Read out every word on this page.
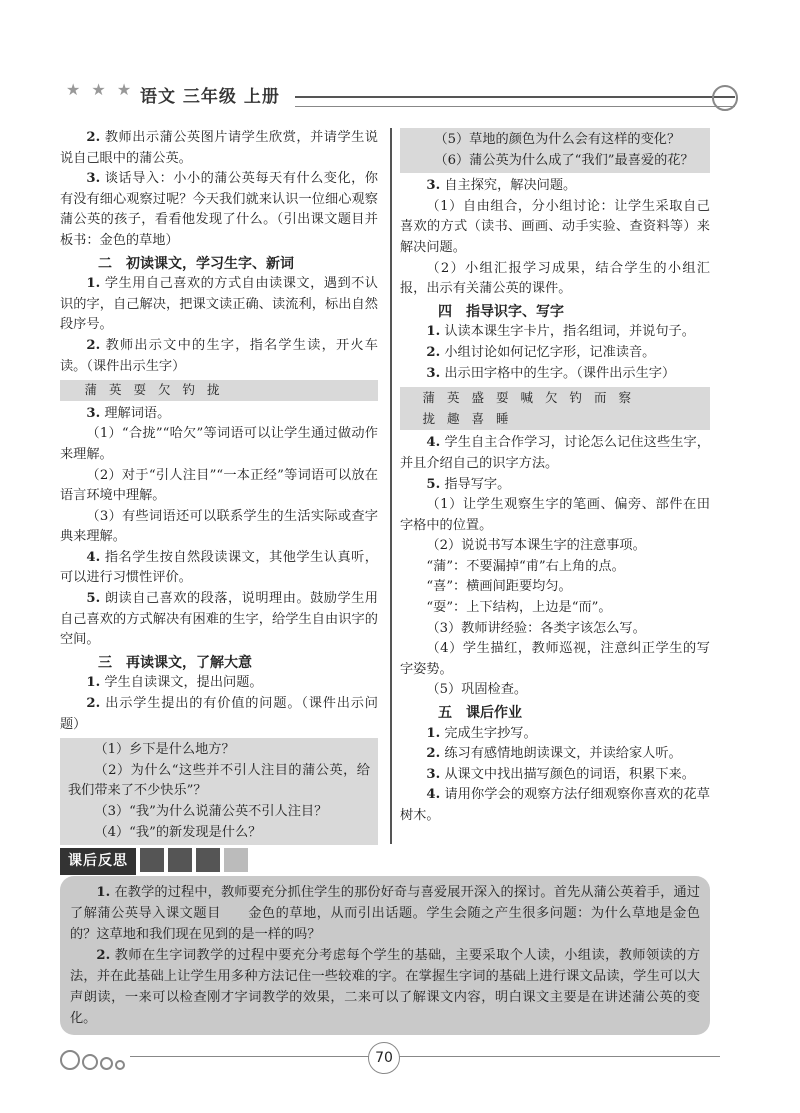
★ ★ ★ ·
语文 三年级 上册

2. 教师出示蒲公英图片请学生欣赏，并请学生说说自己眼中的蒲公英。

3. 谈话导入：小小的蒲公英每天有什么变化，你有没有细心观察过呢？今天我们就来认识一位细心观察蒲公英的孩子，看看他发现了什么。（引出课文题目并板书：金色的草地）

二　初读课文，学习生字、新词

1. 学生用自己喜欢的方式自由读课文，遇到不认识的字，自己解决，把课文读正确、读流利，标出自然段序号。

2. 教师出示文中的生字，指名学生读，开火车读。（课件出示生字）

蒲英耍欠钓拢

3. 理解词语。

（1）“合拢”“哈欠”等词语可以让学生通过做动作来理解。

（2）对于“引人注目”“一本正经”等词语可以放在语言环境中理解。

（3）有些词语还可以联系学生的生活实际或查字典来理解。

4. 指名学生按自然段读课文，其他学生认真听，可以进行习惯性评价。

5. 朗读自己喜欢的段落，说明理由。鼓励学生用自己喜欢的方式解决有困难的生字，给学生自由识字的空间。

三　再读课文，了解大意

1. 学生自读课文，提出问题。

2. 出示学生提出的有价值的问题。（课件出示问题）

（1）乡下是什么地方？

（2）为什么“这些并不引人注目的蒲公英，给我们带来了不少快乐”？

（3）“我”为什么说蒲公英不引人注目？

（4）“我”的新发现是什么？

（5）草地的颜色为什么会有这样的变化？

（6）蒲公英为什么成了“我们”最喜爱的花？

3. 自主探究，解决问题。

（1）自由组合，分小组讨论：让学生采取自己喜欢的方式（读书、画画、动手实验、查资料等）来解决问题。

（2）小组汇报学习成果，结合学生的小组汇报，出示有关蒲公英的课件。

四　指导识字、写字

1. 认读本课生字卡片，指名组词，并说句子。

2. 小组讨论如何记忆字形，记准读音。

3. 出示田字格中的生字。（课件出示生字）

蒲英盛耍喊欠钓而察
拢趣喜睡

4. 学生自主合作学习，讨论怎么记住这些生字，并且介绍自己的识字方法。

5. 指导写字。

（1）让学生观察生字的笔画、偏旁、部件在田字格中的位置。

（2）说说书写本课生字的注意事项。

“蒲”：不要漏掉“甫”右上角的点。

“喜”：横画间距要均匀。

“耍”：上下结构，上边是“而”。

（3）教师讲经验：各类字该怎么写。

（4）学生描红，教师巡视，注意纠正学生的写字姿势。

（5）巩固检查。

五　课后作业

1. 完成生字抄写。

2. 练习有感情地朗读课文，并读给家人听。

3. 从课文中找出描写颜色的词语，积累下来。

4. 请用你学会的观察方法仔细观察你喜欢的花草树木。

课后反思

1. 在教学的过程中，教师要充分抓住学生的那份好奇与喜爱展开深入的探讨。首先从蒲公英着手，通过了解蒲公英导入课文题目　　金色的草地，从而引出话题。学生会随之产生很多问题：为什么草地是金色的？这草地和我们现在见到的是一样的吗？

2. 教师在生字词教学的过程中要充分考虑每个学生的基础，主要采取个人读，小组读，教师领读的方法，并在此基础上让学生用多种方法记住一些较难的字。在掌握生字词的基础上进行课文品读，学生可以大声朗读，一来可以检查刚才字词教学的效果，二来可以了解课文内容，明白课文主要是在讲述蒲公英的变化。

70
